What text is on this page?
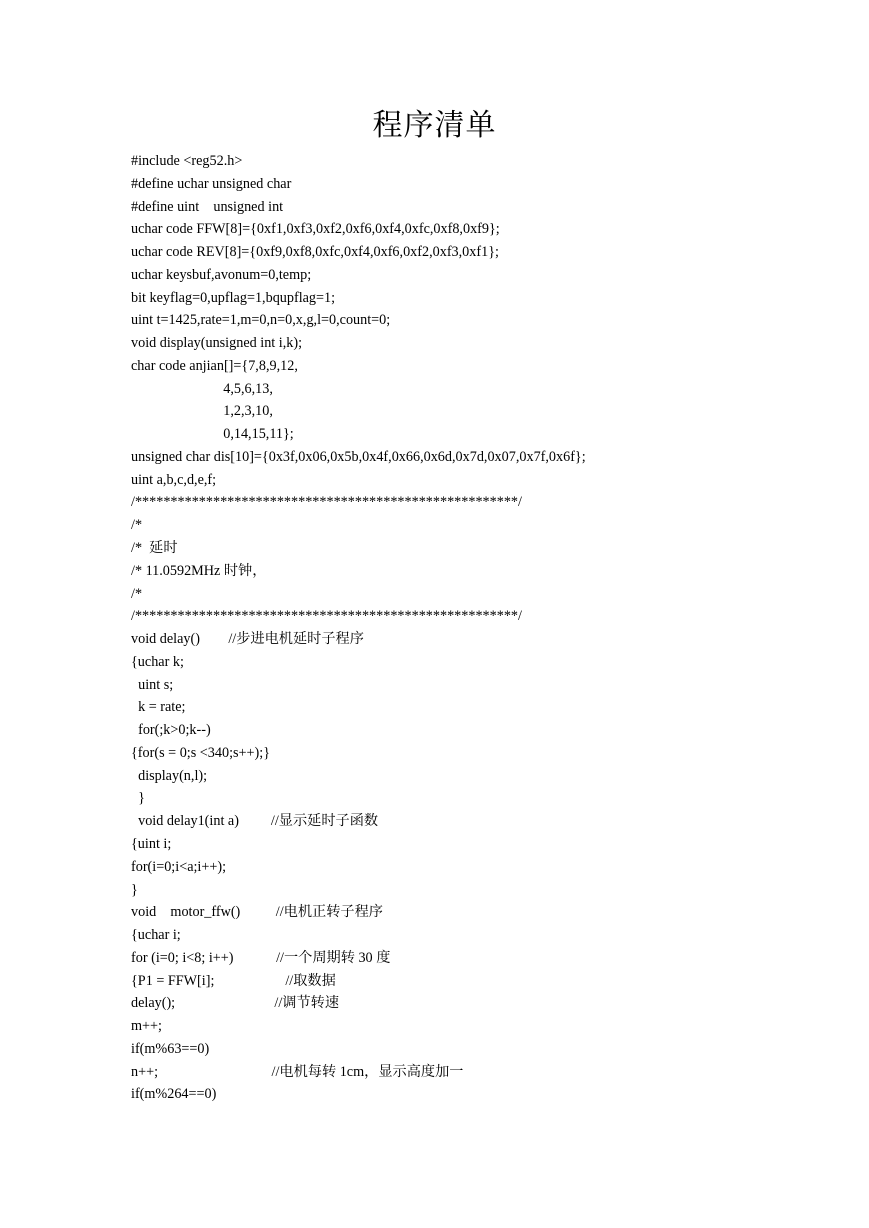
程序清单
#include <reg52.h>
#define uchar unsigned char
#define uint    unsigned int
uchar code FFW[8]={0xf1,0xf3,0xf2,0xf6,0xf4,0xfc,0xf8,0xf9};
uchar code REV[8]={0xf9,0xf8,0xfc,0xf4,0xf6,0xf2,0xf3,0xf1};
uchar keysbuf,avonum=0,temp;
bit keyflag=0,upflag=1,bqupflag=1;
uint t=1425,rate=1,m=0,n=0,x,g,l=0,count=0;
void display(unsigned int i,k);
char code anjian[]={7,8,9,12,
4,5,6,13,
1,2,3,10,
0,14,15,11};
unsigned char dis[10]={0x3f,0x06,0x5b,0x4f,0x66,0x6d,0x7d,0x07,0x7f,0x6f};
uint a,b,c,d,e,f;
/******************************************************/
/*
/*  延时
/* 11.0592MHz 时钟，
/*
/******************************************************/
void delay()        //步进电机延时子程序
{uchar k;
uint s;
k = rate;
for(;k>0;k--)
{for(s = 0;s <340;s++);}
display(n,l);
}
void delay1(int a)         //显示延时子函数
{uint i;
for(i=0;i<a;i++);
}
void    motor_ffw()          //电机正转子程序
{uchar i;
for (i=0; i<8; i++)            //一个周期转 30 度
{P1 = FFW[i];                    //取数据
delay();                            //调节转速
m++;
if(m%63==0)
n++;                                //电机每转 1cm，显示高度加一
if(m%264==0)
